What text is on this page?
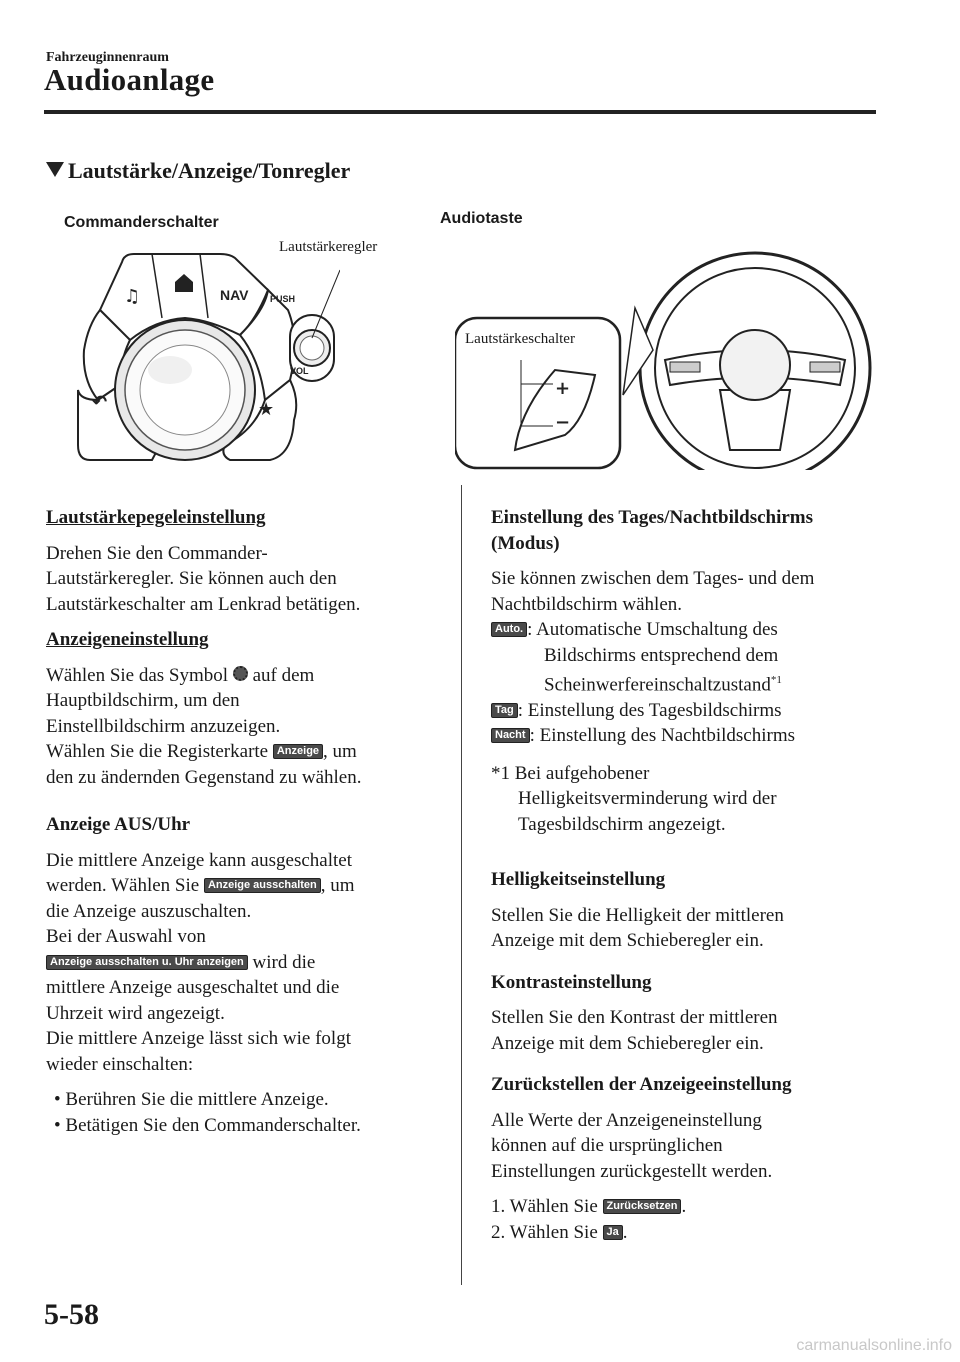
Fahrzeuginnenraum
Audioanlage
Lautstärke/Anzeige/Tonregler
Commanderschalter	Audiotaste
Lautstärkeregler
♫	NAV
↶	★
PUSH
VOL
+
−
Lautstärkeschalter

Lautstärkepegeleinstellung

Drehen Sie den Commander-

Lautstärkeregler. Sie können auch den

Lautstärkeschalter am Lenkrad betätigen.

Anzeigeneinstellung

Wählen Sie das Symbol auf dem

Hauptbildschirm, um den

Einstellbildschirm anzuzeigen.

Wählen Sie die Registerkarte Anzeige , um

den zu ändernden Gegenstand zu wählen.

Anzeige AUS/Uhr

Die mittlere Anzeige kann ausgeschaltet

werden. Wählen Sie Anzeige ausschalten , um

die Anzeige auszuschalten.

Bei der Auswahl von

Anzeige ausschalten u. Uhr anzeigen wird die

mittlere Anzeige ausgeschaltet und die

Uhrzeit wird angezeigt.

Die mittlere Anzeige lässt sich wie folgt

wieder einschalten:

• Berühren Sie die mittlere Anzeige.

• Betätigen Sie den Commanderschalter.

Einstellung des Tages/Nachtbildschirms

(Modus)

Sie können zwischen dem Tages- und dem

Nachtbildschirm wählen.

Auto. : Automatische Umschaltung des

Bildschirms entsprechend dem

Scheinwerfereinschaltzustand$^{*1}$

Tag : Einstellung des Tagesbildschirms

Nacht : Einstellung des Nachtbildschirms

*1 Bei aufgehobener

Helligkeitsverminderung wird der

Tagesbildschirm angezeigt.

Helligkeitseinstellung

Stellen Sie die Helligkeit der mittleren

Anzeige mit dem Schieberegler ein.

Kontrasteinstellung

Stellen Sie den Kontrast der mittleren

Anzeige mit dem Schieberegler ein.

Zurückstellen der Anzeigeeinstellung

Alle Werte der Anzeigeneinstellung

können auf die ursprünglichen

Einstellungen zurückgestellt werden.

1. Wählen Sie Zurücksetzen .

2. Wählen Sie Ja .

5-58
carmanualsonline.info
